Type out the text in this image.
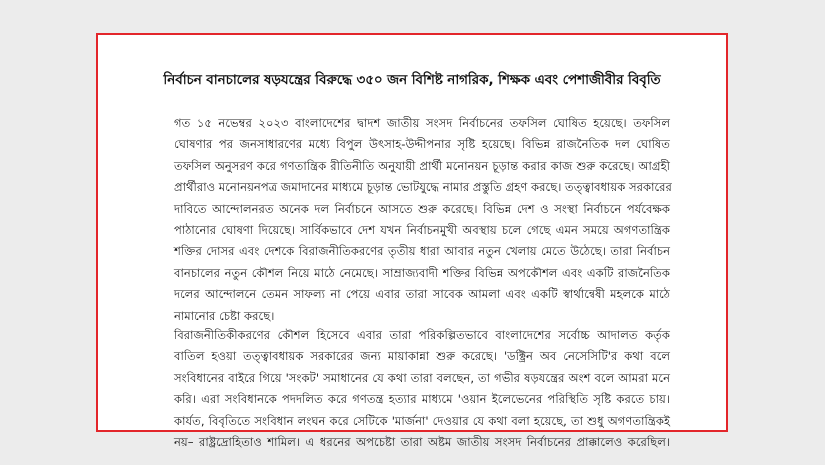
নির্বাচন বানচালের ষড়যন্ত্রের বিরুদ্ধে ৩৫০ জন বিশিষ্ট নাগরিক, শিক্ষক এবং পেশাজীবীর বিবৃতি

গত ১৫ নভেম্বর ২০২৩ বাংলাদেশের দ্বাদশ জাতীয় সংসদ নির্বাচনের তফসিল ঘোষিত হয়েছে। তফসিল
ঘোষণার পর জনসাধারণের মধ্যে বিপুল উৎসাহ-উদ্দীপনার সৃষ্টি হয়েছে। বিভিন্ন রাজনৈতিক দল ঘোষিত
তফসিল অনুসরণ করে গণতান্ত্রিক রীতিনীতি অনুযায়ী প্রার্থী মনোনয়ন চূড়ান্ত করার কাজ শুরু করেছে। আগ্রহী
প্রার্থীরাও মনোনয়নপত্র জমাদানের মাধ্যমে চূড়ান্ত ভোটযুদ্ধে নামার প্রস্তুতি গ্রহণ করছে। তত্ত্বাবধায়ক সরকারের
দাবিতে আন্দোলনরত অনেক দল নির্বাচনে আসতে শুরু করেছে। বিভিন্ন দেশ ও সংস্থা নির্বাচনে পর্যবেক্ষক
পাঠানোর ঘোষণা দিয়েছে। সার্বিকভাবে দেশ যখন নির্বাচনমুখী অবস্থায় চলে গেছে এমন সময়ে অগণতান্ত্রিক
শক্তির দোসর এবং দেশকে বিরাজনীতিকরণের তৃতীয় ধারা আবার নতুন খেলায় মেতে উঠেছে। তারা নির্বাচন
বানচালের নতুন কৌশল নিয়ে মাঠে নেমেছে। সাম্রাজ্যবাদী শক্তির বিভিন্ন অপকৌশল এবং একটি রাজনৈতিক
দলের আন্দোলনে তেমন সাফল্য না পেয়ে এবার তারা সাবেক আমলা এবং একটি স্বার্থান্বেষী মহলকে মাঠে
নামানোর চেষ্টা করছে।

বিরাজনীতিকীকরণের কৌশল হিসেবে এবার তারা পরিকল্পিতভাবে বাংলাদেশের সর্বোচ্চ আদালত কর্তৃক
বাতিল হওয়া তত্ত্বাবধায়ক সরকারের জন্য মায়াকান্না শুরু করেছে। 'ডক্ট্রিন অব নেসেসিটি'র কথা বলে
সংবিধানের বাইরে গিয়ে 'সংকট' সমাধানের যে কথা তারা বলছেন, তা গভীর ষড়যন্ত্রের অংশ বলে আমরা মনে
করি। এরা সংবিধানকে পদদলিত করে গণতন্ত্র হত্যার মাধ্যমে 'ওয়ান ইলেভেনের পরিস্থিতি সৃষ্টি করতে চায়।
কার্যত, বিবৃতিতে সংবিধান লংঘন করে সেটিকে 'মার্জনা' দেওয়ার যে কথা বলা হয়েছে, তা শুধু অগণতান্ত্রিকই
নয়– রাষ্ট্রদ্রোহিতাও শামিল। এ ধরনের অপচেষ্টা তারা অষ্টম জাতীয় সংসদ নির্বাচনের প্রাক্কালেও করেছিল।
